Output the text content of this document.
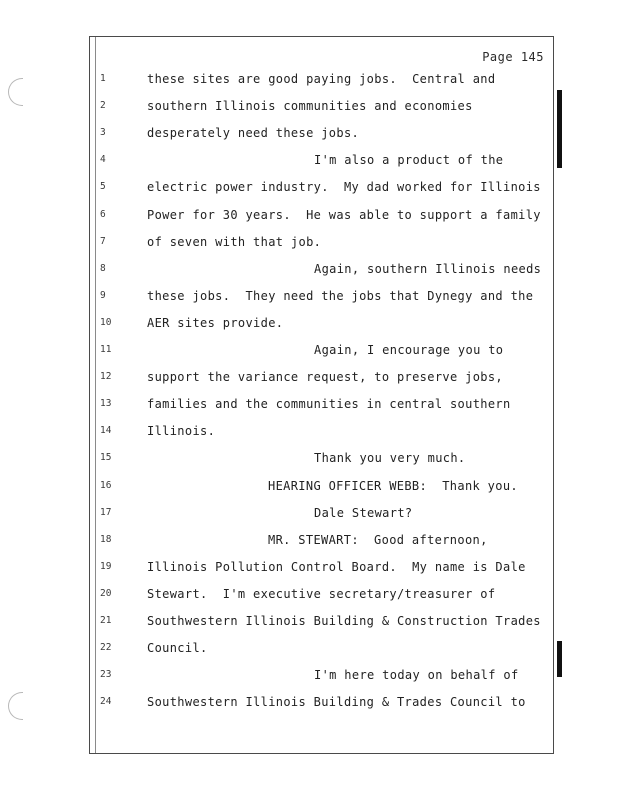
Page 145
1	these sites are good paying jobs.  Central and
2	southern Illinois communities and economies
3	desperately need these jobs.
4	I'm also a product of the
5	electric power industry.  My dad worked for Illinois
6	Power for 30 years.  He was able to support a family
7	of seven with that job.
8	Again, southern Illinois needs
9	these jobs.  They need the jobs that Dynegy and the
10	AER sites provide.
11	Again, I encourage you to
12	support the variance request, to preserve jobs,
13	families and the communities in central southern
14	Illinois.
15	Thank you very much.
16	HEARING OFFICER WEBB:  Thank you.
17	Dale Stewart?
18	MR. STEWART:  Good afternoon,
19	Illinois Pollution Control Board.  My name is Dale
20	Stewart.  I'm executive secretary/treasurer of
21	Southwestern Illinois Building & Construction Trades
22	Council.
23	I'm here today on behalf of
24	Southwestern Illinois Building & Trades Council to
